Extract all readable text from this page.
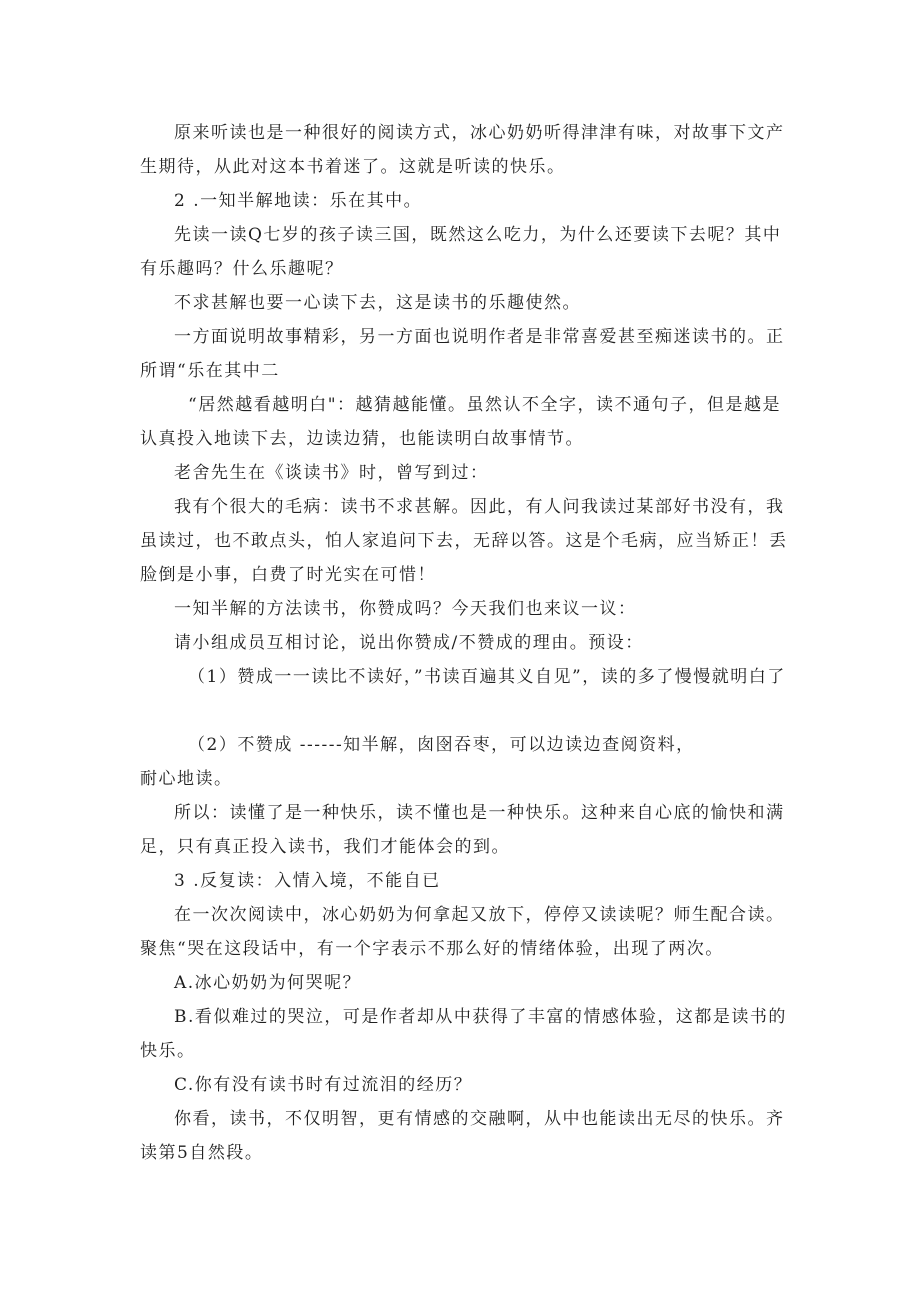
原来听读也是一种很好的阅读方式，冰心奶奶听得津津有味，对故事下文产生期待，从此对这本书着迷了。这就是听读的快乐。

2 .一知半解地读：乐在其中。

先读一读Q七岁的孩子读三国，既然这么吃力，为什么还要读下去呢？其中有乐趣吗？什么乐趣呢？

不求甚解也要一心读下去，这是读书的乐趣使然。

一方面说明故事精彩，另一方面也说明作者是非常喜爱甚至痴迷读书的。正所谓“乐在其中二

“居然越看越明白"：越猜越能懂。虽然认不全字，读不通句子，但是越是认真投入地读下去，边读边猜，也能读明白故事情节。

老舍先生在《谈读书》时，曾写到过：

我有个很大的毛病：读书不求甚解。因此，有人问我读过某部好书没有，我虽读过，也不敢点头，怕人家追问下去，无辞以答。这是个毛病，应当矫正！丢脸倒是小事，白费了时光实在可惜！

一知半解的方法读书，你赞成吗？今天我们也来议一议：

请小组成员互相讨论，说出你赞成/不赞成的理由。预设：

（1）赞成一一读比不读好，”书读百遍其义自见”，读的多了慢慢就明白了

（2）不赞成 ------知半解，囱囹吞枣，可以边读边查阅资料，

耐心地读。

所以：读懂了是一种快乐，读不懂也是一种快乐。这种来自心底的愉快和满足，只有真正投入读书，我们才能体会的到。

3 .反复读：入情入境，不能自已

在一次次阅读中，冰心奶奶为何拿起又放下，停停又读读呢？师生配合读。聚焦“哭在这段话中，有一个字表示不那么好的情绪体验，出现了两次。

A.冰心奶奶为何哭呢？

B.看似难过的哭泣，可是作者却从中获得了丰富的情感体验，这都是读书的快乐。

C.你有没有读书时有过流泪的经历？

你看，读书，不仅明智，更有情感的交融啊，从中也能读出无尽的快乐。齐读第5自然段。
